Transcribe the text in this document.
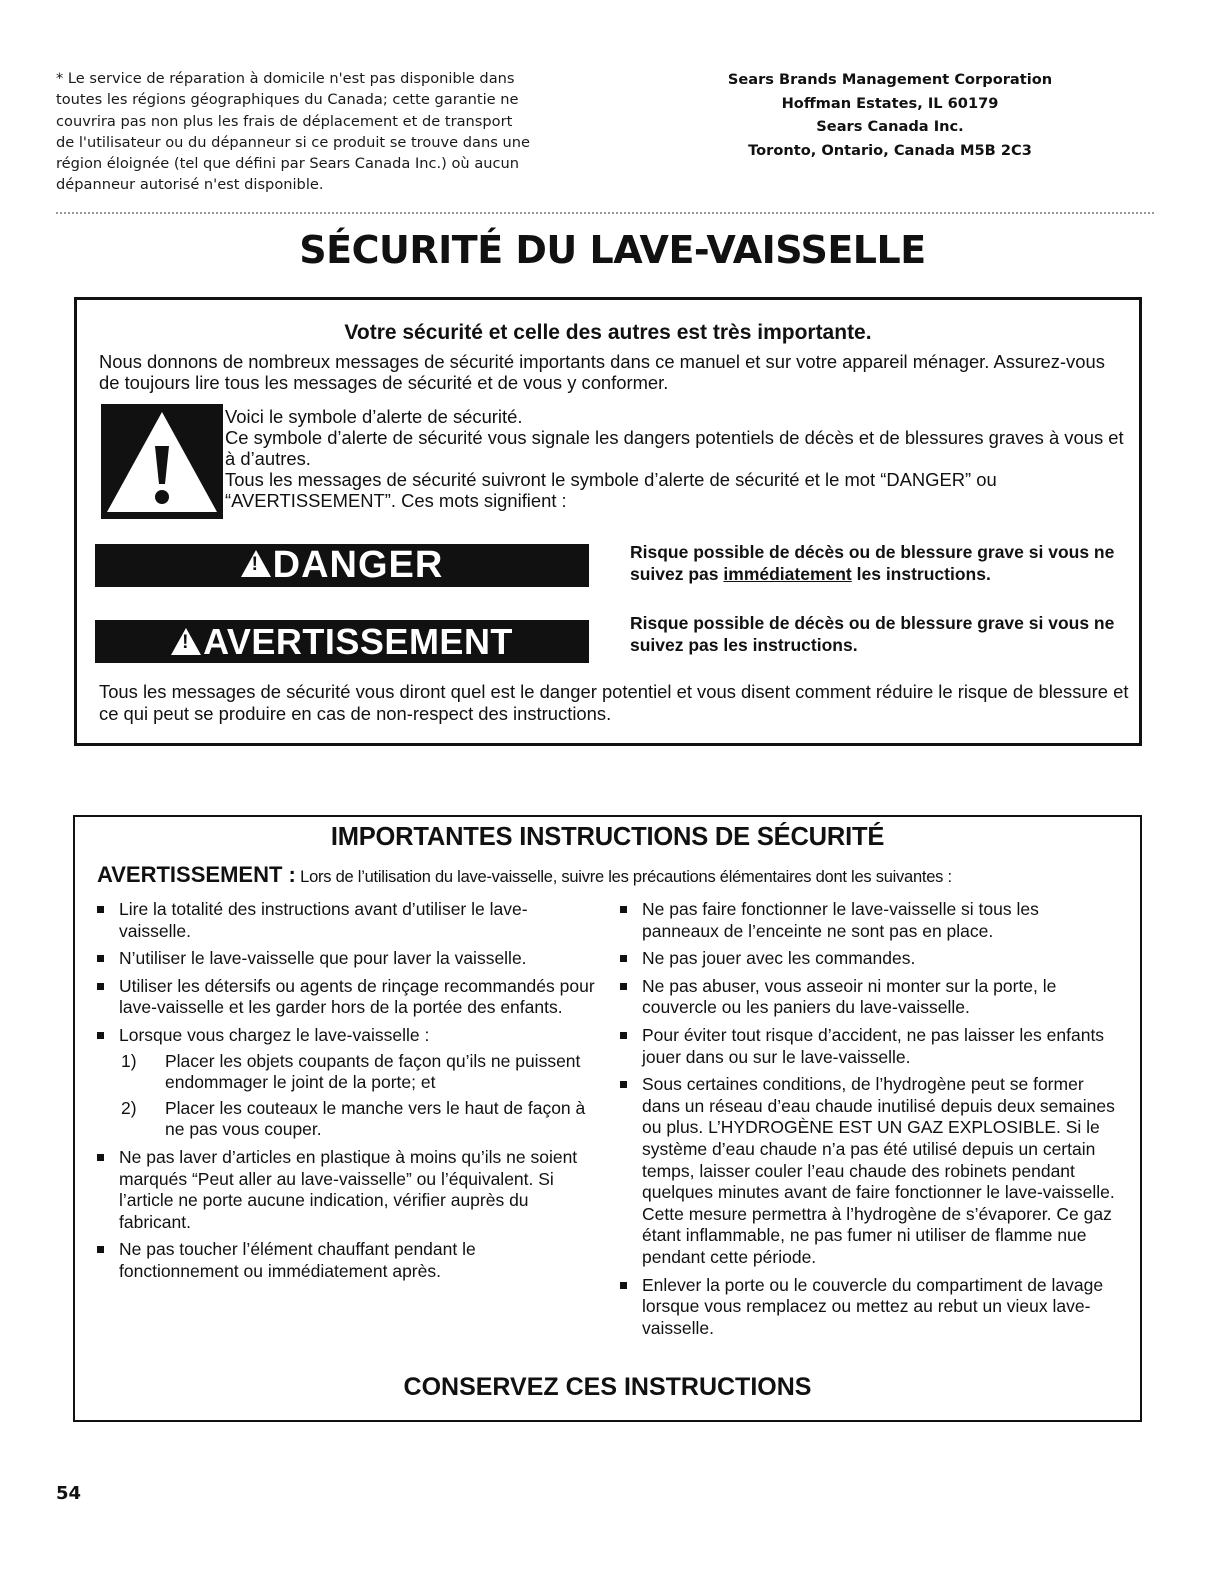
* Le service de réparation à domicile n'est pas disponible dans
toutes les régions géographiques du Canada; cette garantie ne
couvrira pas non plus les frais de déplacement et de transport
de l'utilisateur ou du dépanneur si ce produit se trouve dans une
région éloignée (tel que défini par Sears Canada Inc.) où aucun
dépanneur autorisé n'est disponible.
Sears Brands Management Corporation
Hoffman Estates, IL 60179
Sears Canada Inc.
Toronto, Ontario, Canada M5B 2C3
SÉCURITÉ DU LAVE-VAISSELLE
Votre sécurité et celle des autres est très importante.
Nous donnons de nombreux messages de sécurité importants dans ce manuel et sur votre appareil ménager. Assurez-vous de toujours lire tous les messages de sécurité et de vous y conformer.

Voici le symbole d’alerte de sécurité.

Ce symbole d’alerte de sécurité vous signale les dangers potentiels de décès et de blessures graves à vous et à d’autres.

Tous les messages de sécurité suivront le symbole d’alerte de sécurité et le mot “DANGER” ou “AVERTISSEMENT”. Ces mots signifient :

!DANGER	Risque possible de décès ou de blessure grave si vous ne suivez pas immédiatement les instructions.
!AVERTISSEMENT	Risque possible de décès ou de blessure grave si vous ne suivez pas les instructions.
Tous les messages de sécurité vous diront quel est le danger potentiel et vous disent comment réduire le risque de blessure et ce qui peut se produire en cas de non-respect des instructions.
IMPORTANTES INSTRUCTIONS DE SÉCURITÉ
AVERTISSEMENT : Lors de l’utilisation du lave-vaisselle, suivre les précautions élémentaires dont les suivantes :
Lire la totalité des instructions avant d’utiliser le lave-vaisselle.
N’utiliser le lave-vaisselle que pour laver la vaisselle.
Utiliser les détersifs ou agents de rinçage recommandés pour lave-vaisselle et les garder hors de la portée des enfants.
Lorsque vous chargez le lave-vaisselle :
1) Placer les objets coupants de façon qu’ils ne puissent endommager le joint de la porte; et
2) Placer les couteaux le manche vers le haut de façon à ne pas vous couper.
Ne pas laver d’articles en plastique à moins qu’ils ne soient marqués “Peut aller au lave-vaisselle” ou l’équivalent. Si l’article ne porte aucune indication, vérifier auprès du fabricant.
Ne pas toucher l’élément chauffant pendant le fonctionnement ou immédiatement après.
Ne pas faire fonctionner le lave-vaisselle si tous les panneaux de l’enceinte ne sont pas en place.
Ne pas jouer avec les commandes.
Ne pas abuser, vous asseoir ni monter sur la porte, le couvercle ou les paniers du lave-vaisselle.
Pour éviter tout risque d’accident, ne pas laisser les enfants jouer dans ou sur le lave-vaisselle.
Sous certaines conditions, de l’hydrogène peut se former dans un réseau d’eau chaude inutilisé depuis deux semaines ou plus. L’HYDROGÈNE EST UN GAZ EXPLOSIBLE. Si le système d’eau chaude n’a pas été utilisé depuis un certain temps, laisser couler l’eau chaude des robinets pendant quelques minutes avant de faire fonctionner le lave-vaisselle. Cette mesure permettra à l’hydrogène de s’évaporer. Ce gaz étant inflammable, ne pas fumer ni utiliser de flamme nue pendant cette période.
Enlever la porte ou le couvercle du compartiment de lavage lorsque vous remplacez ou mettez au rebut un vieux lave-vaisselle.
CONSERVEZ CES INSTRUCTIONS
54
